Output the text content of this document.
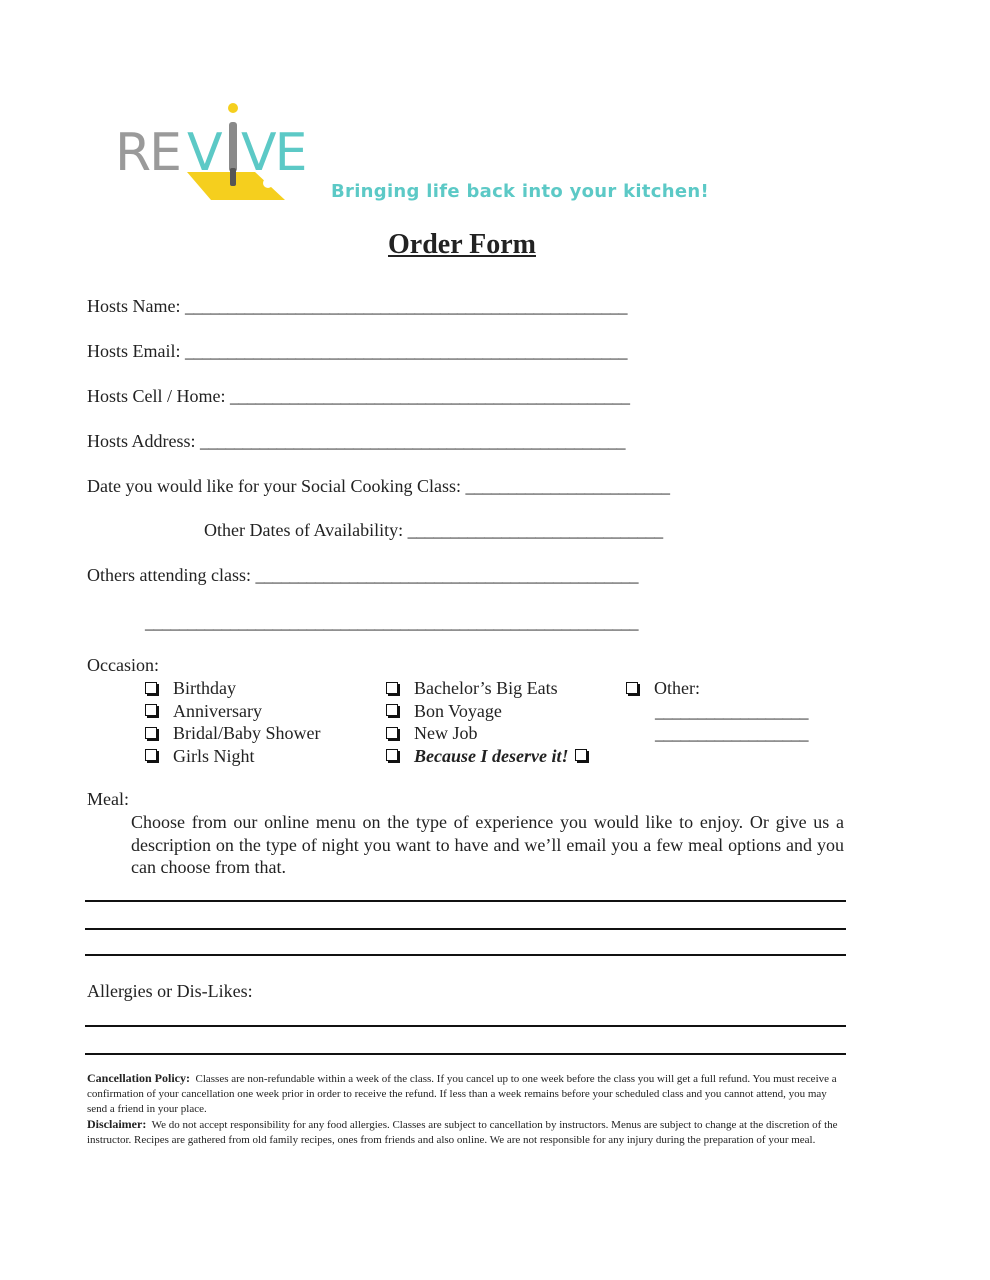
RE V VE
Bringing life back into your kitchen!
Order Form
Hosts Name: ____________________________________________________
Hosts Email: ____________________________________________________
Hosts Cell / Home: _______________________________________________
Hosts Address: __________________________________________________
Date you would like for your Social Cooking Class: ________________________
Other Dates of Availability: ______________________________
Others attending class: _____________________________________________
__________________________________________________________
Occasion:
Birthday
Anniversary
Bridal/Baby Shower
Girls Night
Bachelor’s Big Eats
Bon Voyage
New Job
Because I deserve it!
Other:
__________________
__________________
Meal:
Choose from our online menu on the type of experience you would like to enjoy. Or give us a description on the type of night you want to have and we’ll email you a few meal options and you can choose from that.
Allergies or Dis-Likes:
Cancellation Policy: Classes are non-refundable within a week of the class. If you cancel up to one week before the class you will get a full refund. You must receive a confirmation of your cancellation one week prior in order to receive the refund. If less than a week remains before your scheduled class and you cannot attend, you may send a friend in your place.
Disclaimer: We do not accept responsibility for any food allergies. Classes are subject to cancellation by instructors. Menus are subject to change at the discretion of the instructor. Recipes are gathered from old family recipes, ones from friends and also online. We are not responsible for any injury during the preparation of your meal.
